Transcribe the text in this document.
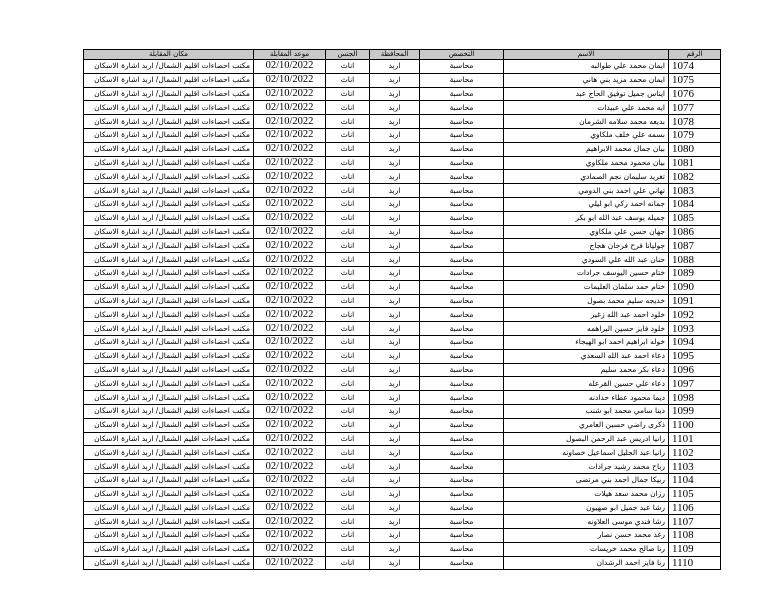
الرقم	الاسم	التخصص	المحافظة	الجنس	موعد المقابلة	مكان المقابلة
1074	ايمان محمد علي طوالبه	محاسبة	اربد	اناث	02/10/2022	مكتب احصاءات اقليم الشمال/ اربد اشارة الاسكان
1075	ايمان محمد مزيد بني هاني	محاسبة	اربد	اناث	02/10/2022	مكتب احصاءات اقليم الشمال/ اربد اشارة الاسكان
1076	ايناس جميل توفيق الحاج عبد	محاسبة	اربد	اناث	02/10/2022	مكتب احصاءات اقليم الشمال/ اربد اشارة الاسكان
1077	ايه محمد علي عبيدات	محاسبة	اربد	اناث	02/10/2022	مكتب احصاءات اقليم الشمال/ اربد اشارة الاسكان
1078	بديعه محمد سلامه الشرمان	محاسبة	اربد	اناث	02/10/2022	مكتب احصاءات اقليم الشمال/ اربد اشارة الاسكان
1079	بسمه علي خلف ملكاوي	محاسبة	اربد	اناث	02/10/2022	مكتب احصاءات اقليم الشمال/ اربد اشارة الاسكان
1080	بيان جمال محمد الابراهيم	محاسبة	اربد	اناث	02/10/2022	مكتب احصاءات اقليم الشمال/ اربد اشارة الاسكان
1081	بيان محمود محمد ملكاوي	محاسبة	اربد	اناث	02/10/2022	مكتب احصاءات اقليم الشمال/ اربد اشارة الاسكان
1082	تغريد سليمان نجم الصمادي	محاسبة	اربد	اناث	02/10/2022	مكتب احصاءات اقليم الشمال/ اربد اشارة الاسكان
1083	تهاني علي احمد بني الدومي	محاسبة	اربد	اناث	02/10/2022	مكتب احصاءات اقليم الشمال/ اربد اشارة الاسكان
1084	جمانه احمد زكي ابو ليلي	محاسبة	اربد	اناث	02/10/2022	مكتب احصاءات اقليم الشمال/ اربد اشارة الاسكان
1085	جميله يوسف عبد الله ابو بكر	محاسبة	اربد	اناث	02/10/2022	مكتب احصاءات اقليم الشمال/ اربد اشارة الاسكان
1086	جهان حسن علي ملكاوي	محاسبة	اربد	اناث	02/10/2022	مكتب احصاءات اقليم الشمال/ اربد اشارة الاسكان
1087	جوليانا فرح فرحان هجاج	محاسبة	اربد	اناث	02/10/2022	مكتب احصاءات اقليم الشمال/ اربد اشارة الاسكان
1088	حنان عبد الله علي السودي	محاسبة	اربد	اناث	02/10/2022	مكتب احصاءات اقليم الشمال/ اربد اشارة الاسكان
1089	ختام حسين اليوسف جرادات	محاسبة	اربد	اناث	02/10/2022	مكتب احصاءات اقليم الشمال/ اربد اشارة الاسكان
1090	ختام حمد سلمان العليمات	محاسبة	اربد	اناث	02/10/2022	مكتب احصاءات اقليم الشمال/ اربد اشارة الاسكان
1091	خديجه سليم محمد بصول	محاسبة	اربد	اناث	02/10/2022	مكتب احصاءات اقليم الشمال/ اربد اشارة الاسكان
1092	خلود احمد عبد الله زغير	محاسبة	اربد	اناث	02/10/2022	مكتب احصاءات اقليم الشمال/ اربد اشارة الاسكان
1093	خلود فايز حسين البراهمه	محاسبة	اربد	اناث	02/10/2022	مكتب احصاءات اقليم الشمال/ اربد اشارة الاسكان
1094	خوله ابراهيم احمد ابو الهيجاء	محاسبة	اربد	اناث	02/10/2022	مكتب احصاءات اقليم الشمال/ اربد اشارة الاسكان
1095	دعاء احمد عبد الله السعدي	محاسبة	اربد	اناث	02/10/2022	مكتب احصاءات اقليم الشمال/ اربد اشارة الاسكان
1096	دعاء بكر محمد سليم	محاسبة	اربد	اناث	02/10/2022	مكتب احصاءات اقليم الشمال/ اربد اشارة الاسكان
1097	دعاء علي حسين القرعله	محاسبة	اربد	اناث	02/10/2022	مكتب احصاءات اقليم الشمال/ اربد اشارة الاسكان
1098	ديما محمود عطاء حدادنه	محاسبة	اربد	اناث	02/10/2022	مكتب احصاءات اقليم الشمال/ اربد اشارة الاسكان
1099	دينا سامي محمد ابو شنب	محاسبة	اربد	اناث	02/10/2022	مكتب احصاءات اقليم الشمال/ اربد اشارة الاسكان
1100	ذكرى راضي حسين العامري	محاسبة	اربد	اناث	02/10/2022	مكتب احصاءات اقليم الشمال/ اربد اشارة الاسكان
1101	رانيا ادريس عبد الرحمن البصول	محاسبة	اربد	اناث	02/10/2022	مكتب احصاءات اقليم الشمال/ اربد اشارة الاسكان
1102	رانيا عبد الجليل اسماعيل خصاونه	محاسبة	اربد	اناث	02/10/2022	مكتب احصاءات اقليم الشمال/ اربد اشارة الاسكان
1103	رباح محمد رشيد جرادات	محاسبة	اربد	اناث	02/10/2022	مكتب احصاءات اقليم الشمال/ اربد اشارة الاسكان
1104	ربيكا جمال احمد بني مرتضى	محاسبة	اربد	اناث	02/10/2022	مكتب احصاءات اقليم الشمال/ اربد اشارة الاسكان
1105	رزان محمد سعد هيلات	محاسبة	اربد	اناث	02/10/2022	مكتب احصاءات اقليم الشمال/ اربد اشارة الاسكان
1106	رشا عبد جميل ابو صهيون	محاسبة	اربد	اناث	02/10/2022	مكتب احصاءات اقليم الشمال/ اربد اشارة الاسكان
1107	رشا فندي موسى العلاونه	محاسبة	اربد	اناث	02/10/2022	مكتب احصاءات اقليم الشمال/ اربد اشارة الاسكان
1108	رغد محمد حسن نصار	محاسبة	اربد	اناث	02/10/2022	مكتب احصاءات اقليم الشمال/ اربد اشارة الاسكان
1109	رنا صالح محمد خريسات	محاسبة	اربد	اناث	02/10/2022	مكتب احصاءات اقليم الشمال/ اربد اشارة الاسكان
1110	رنا فايز احمد الرشدان	محاسبة	اربد	اناث	02/10/2022	مكتب احصاءات اقليم الشمال/ اربد اشارة الاسكان
